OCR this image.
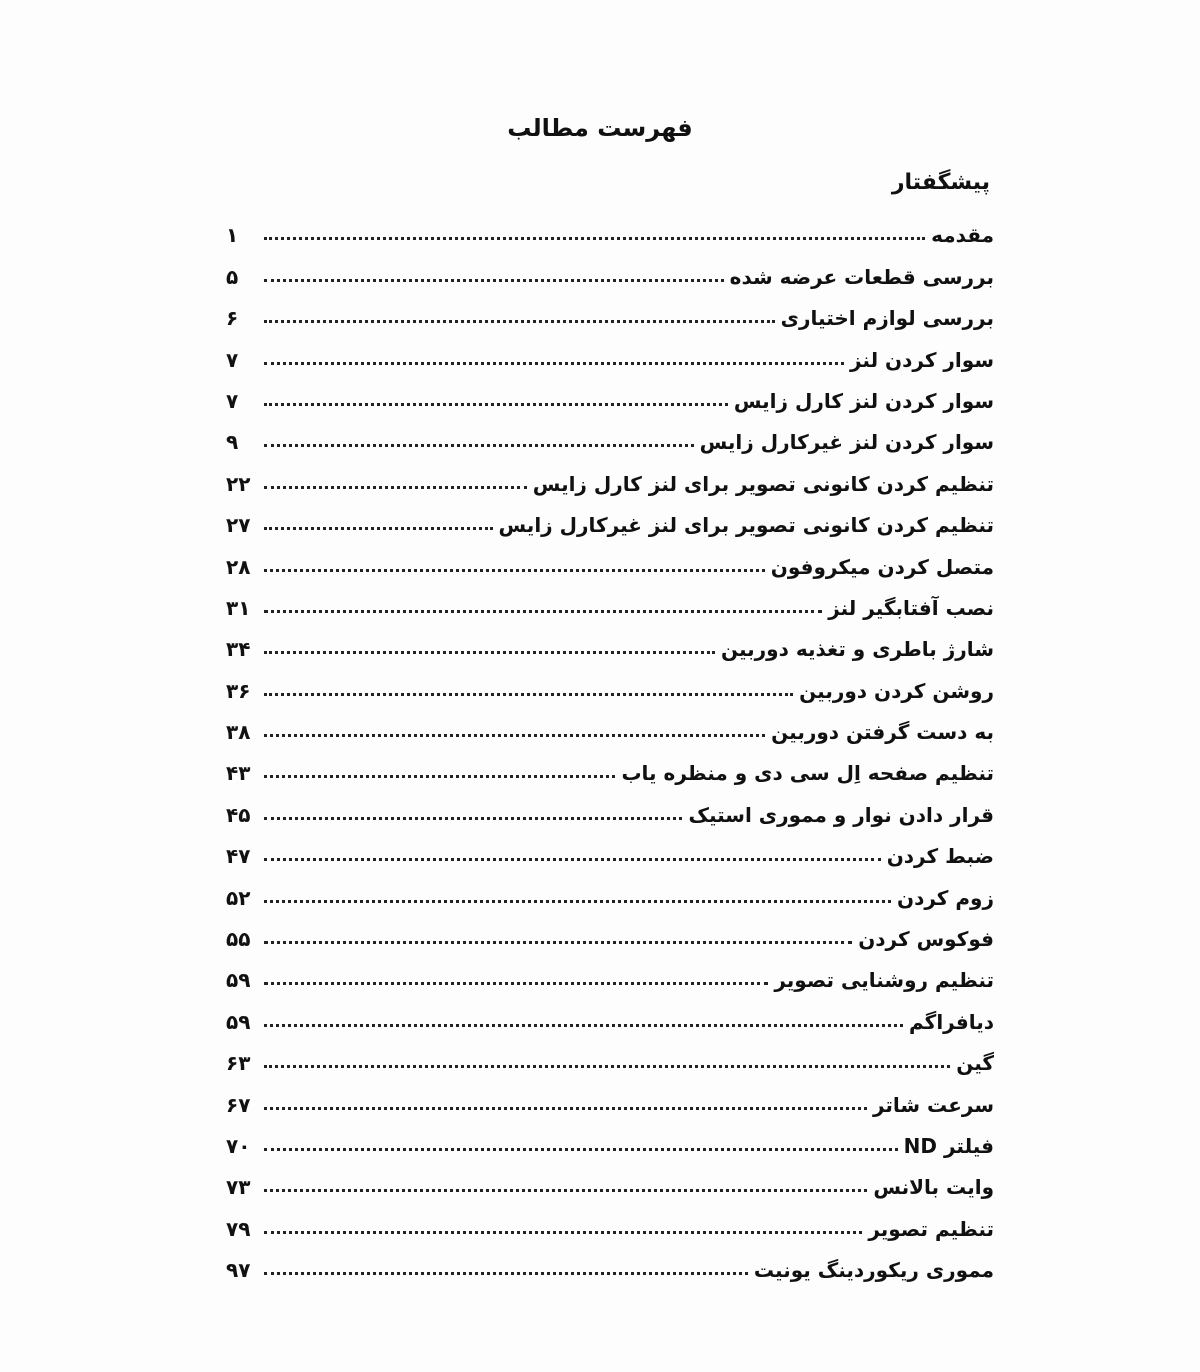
فهرست مطالب
پیشگفتار
مقدمه
۱
بررسی قطعات عرضه شده
۵
بررسی لوازم اختیاری
۶
سوار کردن لنز
۷
سوار کردن لنز کارل زایس
۷
سوار کردن لنز غیرکارل زایس
۹
تنظیم کردن کانونی تصویر برای لنز کارل زایس
۲۲
تنظیم کردن کانونی تصویر برای لنز غیرکارل زایس
۲۷
متصل کردن میکروفون
۲۸
نصب آفتابگیر لنز
۳۱
شارژ باطری و تغذیه دوربین
۳۴
روشن کردن دوربین
۳۶
به دست گرفتن دوربین
۳۸
تنظیم صفحه اِل سی دی و منظره یاب
۴۳
قرار دادن نوار و مموری استیک
۴۵
ضبط کردن
۴۷
زوم کردن
۵۲
فوکوس کردن
۵۵
تنظیم روشنایی تصویر
۵۹
دیافراگم
۵۹
گین
۶۳
سرعت شاتر
۶۷
فیلتر ND
۷۰
وایت بالانس
۷۳
تنظیم تصویر
۷۹
مموری ریکوردینگ یونیت
۹۷
